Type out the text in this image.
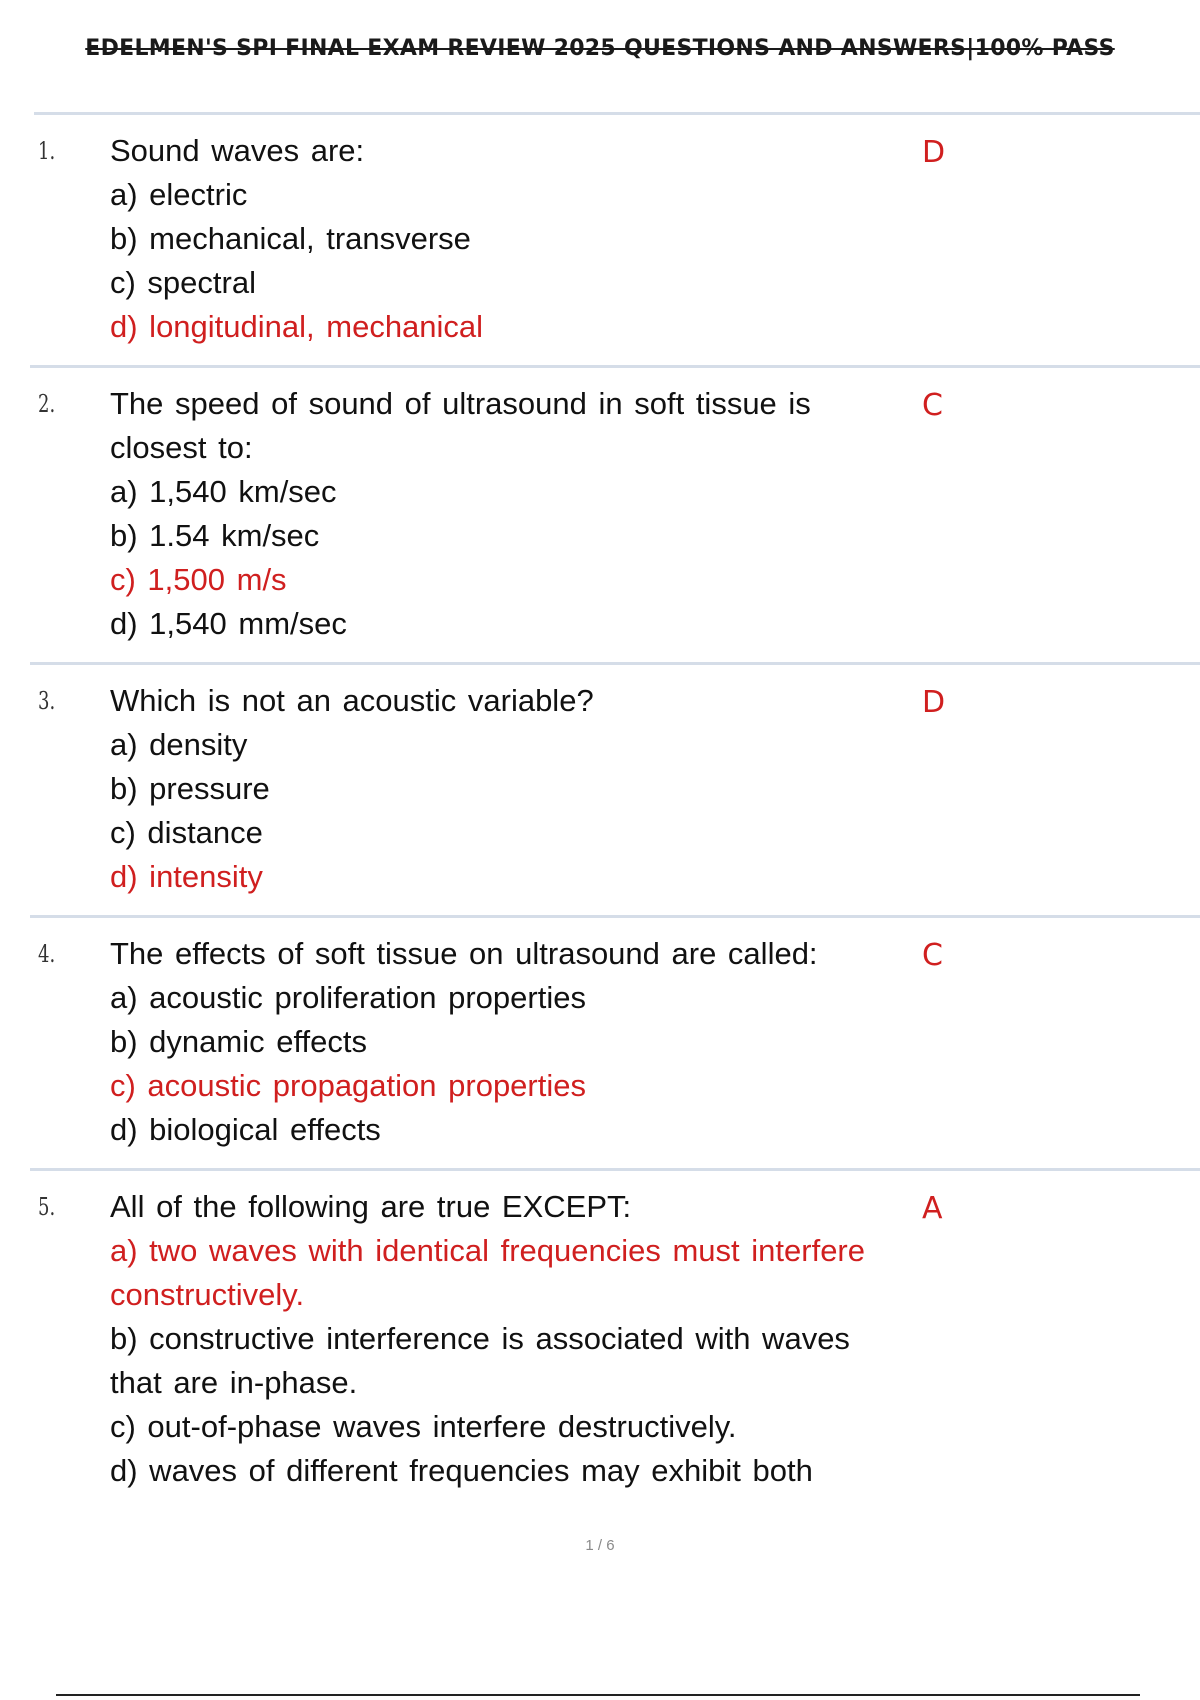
EDELMEN'S SPI FINAL EXAM REVIEW 2025 QUESTIONS AND ANSWERS|100% PASS
1. Sound waves are:
a) electric
b) mechanical, transverse
c) spectral
d) longitudinal, mechanical
D
2. The speed of sound of ultrasound in soft tissue is closest to:
a) 1,540 km/sec
b) 1.54 km/sec
c) 1,500 m/s
d) 1,540 mm/sec
C
3. Which is not an acoustic variable?
a) density
b) pressure
c) distance
d) intensity
D
4. The effects of soft tissue on ultrasound are called:
a) acoustic proliferation properties
b) dynamic effects
c) acoustic propagation properties
d) biological effects
C
5. All of the following are true EXCEPT:
a) two waves with identical frequencies must interfere constructively.
b) constructive interference is associated with waves that are in-phase.
c) out-of-phase waves interfere destructively.
d) waves of different frequencies may exhibit both
A
1 / 6
